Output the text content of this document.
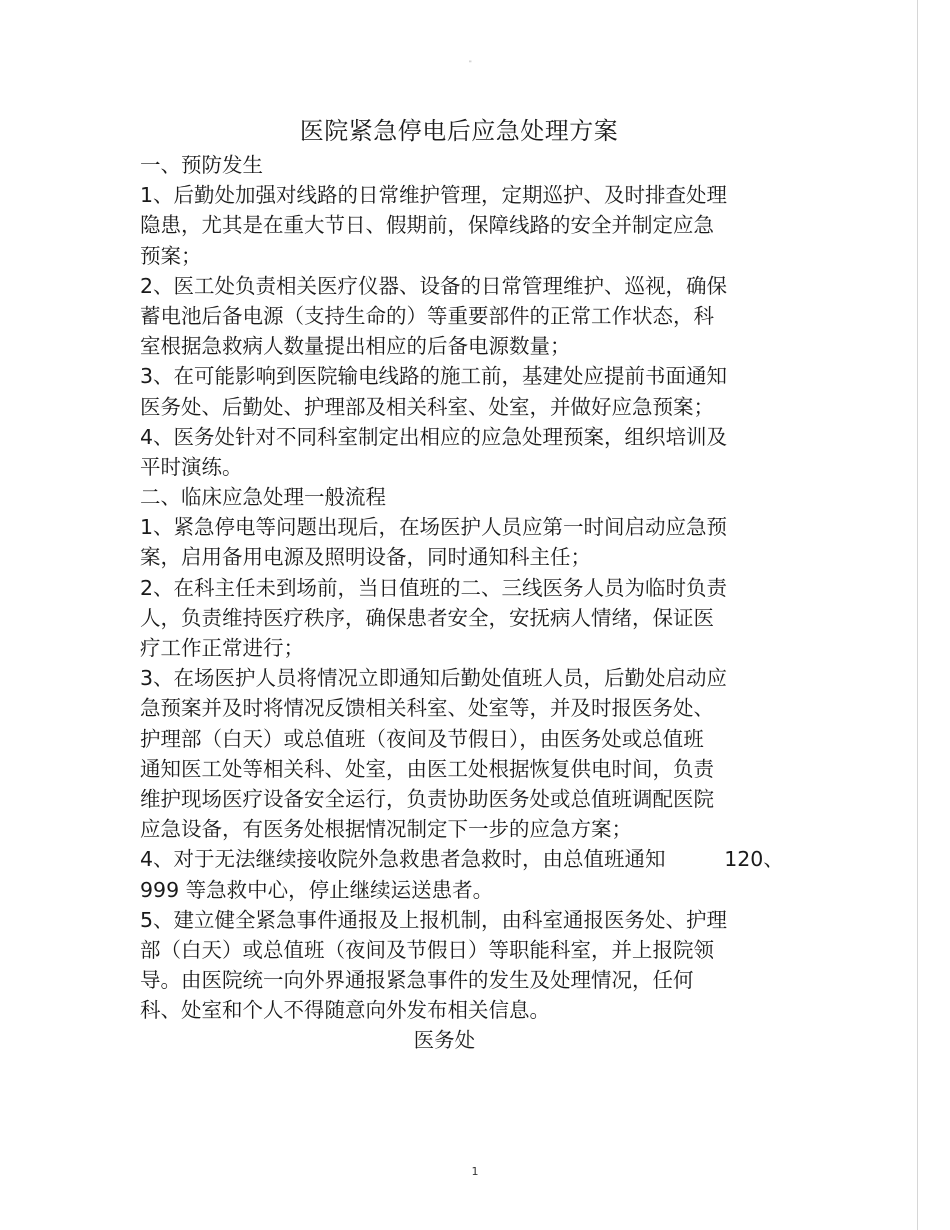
"
医院紧急停电后应急处理方案
一、预防发生
1、后勤处加强对线路的日常维护管理，定期巡护、及时排查处理
隐患，尤其是在重大节日、假期前，保障线路的安全并制定应急
预案；
2、医工处负责相关医疗仪器、设备的日常管理维护、巡视，确保
蓄电池后备电源（支持生命的）等重要部件的正常工作状态，科
室根据急救病人数量提出相应的后备电源数量；
3、在可能影响到医院输电线路的施工前，基建处应提前书面通知
医务处、后勤处、护理部及相关科室、处室，并做好应急预案；
4、医务处针对不同科室制定出相应的应急处理预案，组织培训及
平时演练。
二、临床应急处理一般流程
1、紧急停电等问题出现后，在场医护人员应第一时间启动应急预
案，启用备用电源及照明设备，同时通知科主任；
2、在科主任未到场前，当日值班的二、三线医务人员为临时负责
人，负责维持医疗秩序，确保患者安全，安抚病人情绪，保证医
疗工作正常进行；
3、在场医护人员将情况立即通知后勤处值班人员，后勤处启动应
急预案并及时将情况反馈相关科室、处室等，并及时报医务处、
护理部（白天）或总值班（夜间及节假日），由医务处或总值班
通知医工处等相关科、处室，由医工处根据恢复供电时间，负责
维护现场医疗设备安全运行，负责协助医务处或总值班调配医院
应急设备，有医务处根据情况制定下一步的应急方案；
4、对于无法继续接收院外急救患者急救时，由总值班通知         120、
999 等急救中心，停止继续运送患者。
5、建立健全紧急事件通报及上报机制，由科室通报医务处、护理
部（白天）或总值班（夜间及节假日）等职能科室，并上报院领
导。由医院统一向外界通报紧急事件的发生及处理情况，任何
科、处室和个人不得随意向外发布相关信息。
医务处
1
